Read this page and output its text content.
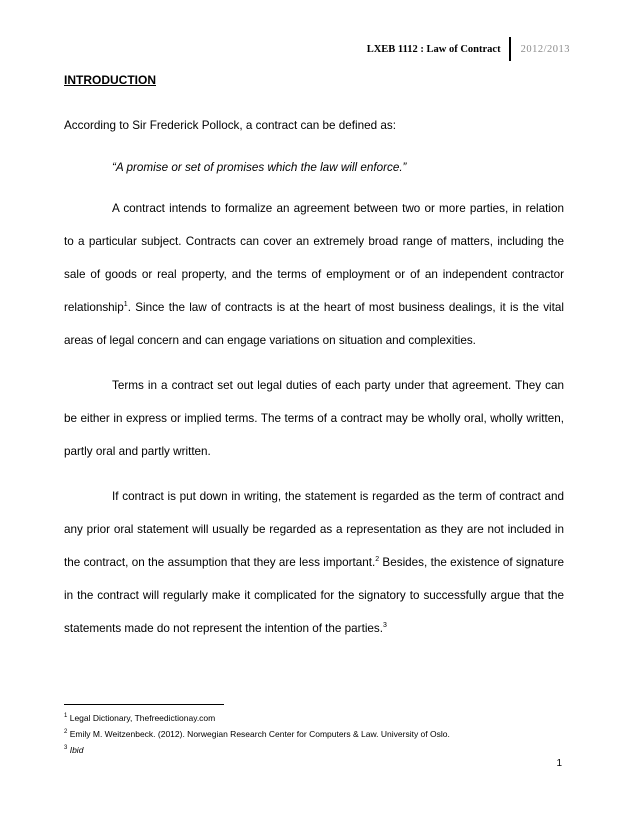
LXEB 1112 : Law of Contract	2012/2013

INTRODUCTION

According to Sir Frederick Pollock, a contract can be defined as:

“A promise or set of promises which the law will enforce.”

A contract intends to formalize an agreement between two or more parties, in relation to a particular subject. Contracts can cover an extremely broad range of matters, including the sale of goods or real property, and the terms of employment or of an independent contractor relationship$^1$. Since the law of contracts is at the heart of most business dealings, it is the vital areas of legal concern and can engage variations on situation and complexities.

Terms in a contract set out legal duties of each party under that agreement. They can be either in express or implied terms. The terms of a contract may be wholly oral, wholly written, partly oral and partly written.

If contract is put down in writing, the statement is regarded as the term of contract and any prior oral statement will usually be regarded as a representation as they are not included in the contract, on the assumption that they are less important.$^2$ Besides, the existence of signature in the contract will regularly make it complicated for the signatory to successfully argue that the statements made do not represent the intention of the parties.$^3$

$^1$ Legal Dictionary, Thefreedictionay.com
$^2$ Emily M. Weitzenbeck. (2012). Norwegian Research Center for Computers & Law. University of Oslo.
$^3$ Ibid
1
